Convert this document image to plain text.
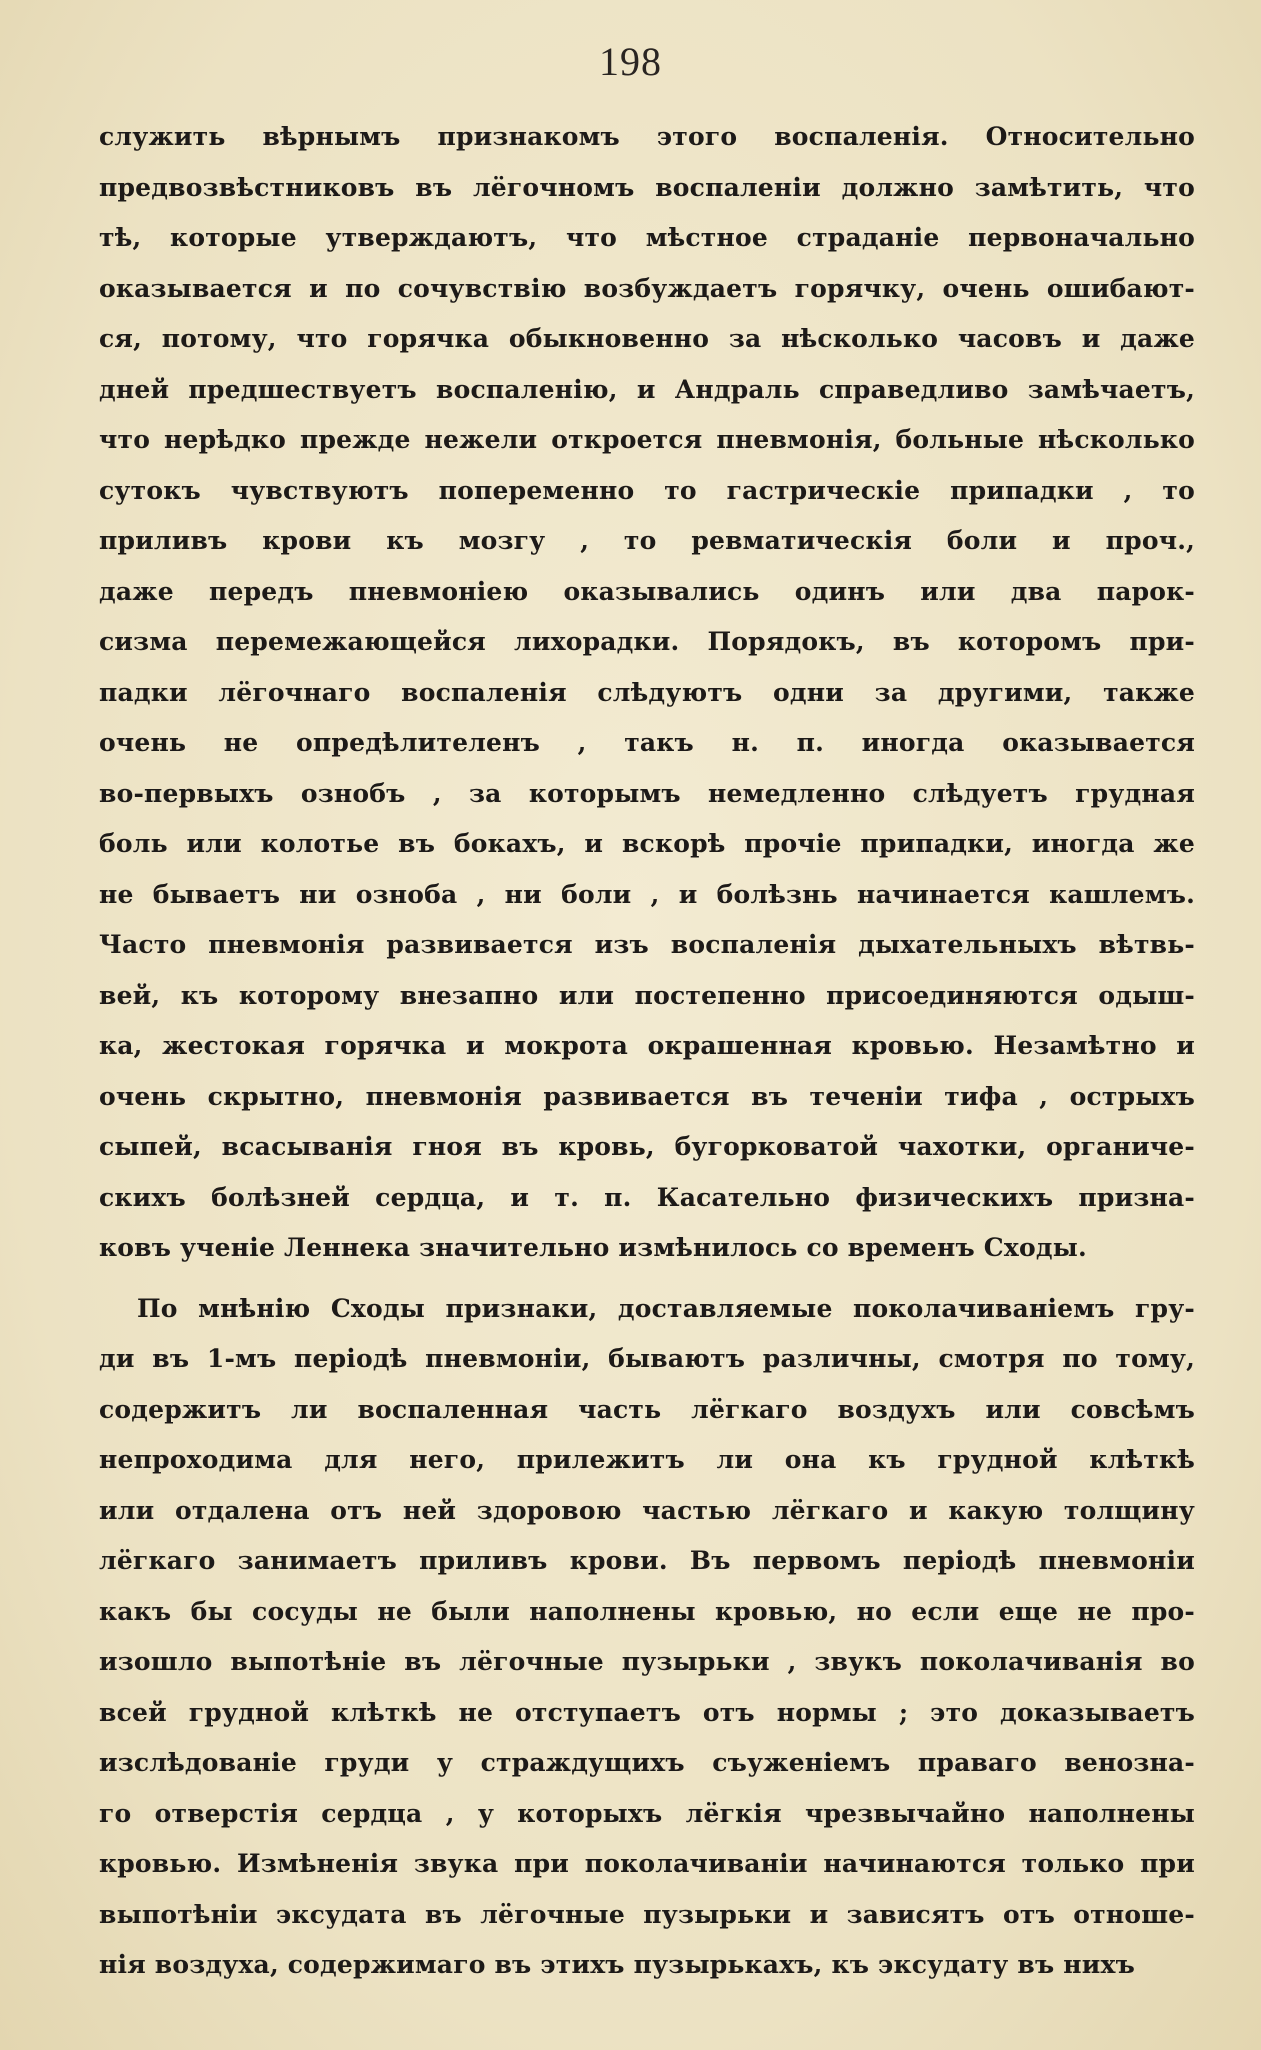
198
служить вѣрнымъ признакомъ этого воспаленія. Относительно
предвозвѣстниковъ въ лёгочномъ воспаленіи должно замѣтить, что
тѣ, которые утверждаютъ, что мѣстное страданіе первоначально
оказывается и по сочувствію возбуждаетъ горячку, очень ошибают-
ся, потому, что горячка обыкновенно за нѣсколько часовъ и даже
дней предшествуетъ воспаленію, и Андраль справедливо замѣчаетъ,
что нерѣдко прежде нежели откроется пневмонія, больные нѣсколько
сутокъ чувствуютъ попеременно то гастрическіе припадки , то
приливъ крови къ мозгу , то ревматическія боли и проч.,
даже передъ пневмоніею оказывались одинъ или два парок-
сизма перемежающейся лихорадки. Порядокъ, въ которомъ при-
падки лёгочнаго воспаленія слѣдуютъ одни за другими, также
очень не опредѣлителенъ , такъ н. п. иногда оказывается
во-первыхъ ознобъ , за которымъ немедленно слѣдуетъ грудная
боль или колотье въ бокахъ, и вскорѣ прочіе припадки, иногда же
не бываетъ ни озноба , ни боли , и болѣзнь начинается кашлемъ.
Часто пневмонія развивается изъ воспаленія дыхательныхъ вѣтвь-
вей, къ которому внезапно или постепенно присоединяются одыш-
ка, жестокая горячка и мокрота окрашенная кровью. Незамѣтно и
очень скрытно, пневмонія развивается въ теченіи тифа , острыхъ
сыпей, всасыванія гноя въ кровь, бугорковатой чахотки, органиче-
скихъ болѣзней сердца, и т. п. Касательно физическихъ призна-
ковъ ученіе Леннека значительно измѣнилось со временъ Сходы.
По мнѣнію Сходы признаки, доставляемые поколачиваніемъ гру-
ди въ 1-мъ періодѣ пневмоніи, бываютъ различны, смотря по тому,
содержитъ ли воспаленная часть лёгкаго воздухъ или совсѣмъ
непроходима для него, прилежитъ ли она къ грудной клѣткѣ
или отдалена отъ ней здоровою частью лёгкаго и какую толщину
лёгкаго занимаетъ приливъ крови. Въ первомъ періодѣ пневмоніи
какъ бы сосуды не были наполнены кровью, но если еще не про-
изошло выпотѣніе въ лёгочные пузырьки , звукъ поколачиванія во
всей грудной клѣткѣ не отступаетъ отъ нормы ; это доказываетъ
изслѣдованіе груди у страждущихъ съуженіемъ праваго венозна-
го отверстія сердца , у которыхъ лёгкія чрезвычайно наполнены
кровью. Измѣненія звука при поколачиваніи начинаются только при
выпотѣніи эксудата въ лёгочные пузырьки и зависятъ отъ отноше-
нія воздуха, содержимаго въ этихъ пузырькахъ, къ эксудату въ нихъ
